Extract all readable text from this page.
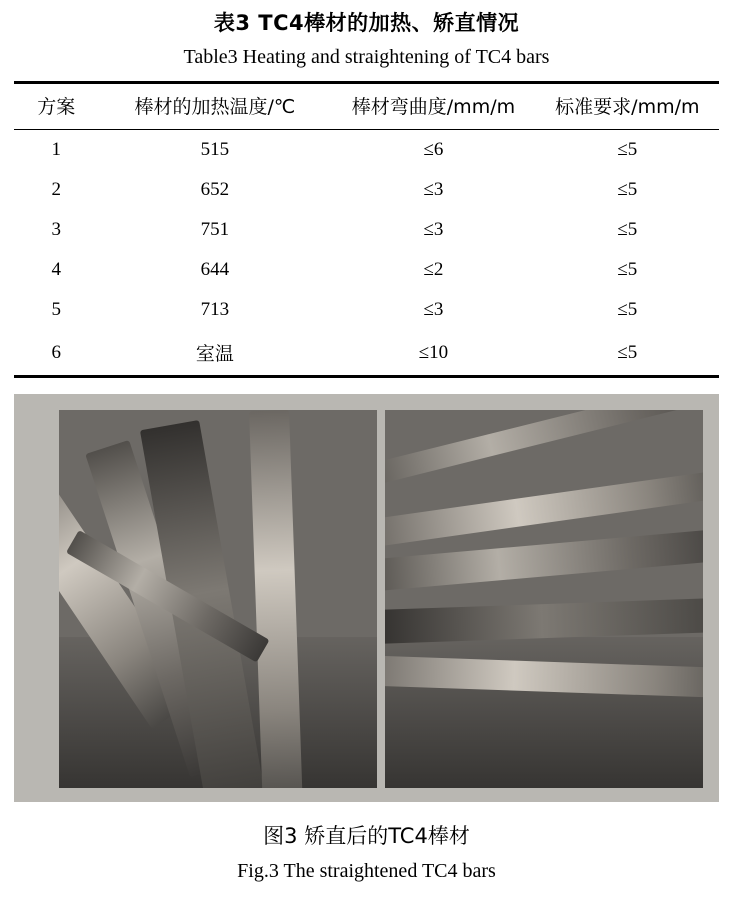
表3 TC4棒材的加热、矫直情况
Table3 Heating and straightening of TC4 bars
方案	棒材的加热温度/℃	棒材弯曲度/mm/m	标准要求/mm/m
1	515	≤6	≤5
2	652	≤3	≤5
3	751	≤3	≤5
4	644	≤2	≤5
5	713	≤3	≤5
6	室温	≤10	≤5
图3 矫直后的TC4棒材
Fig.3 The straightened TC4 bars
